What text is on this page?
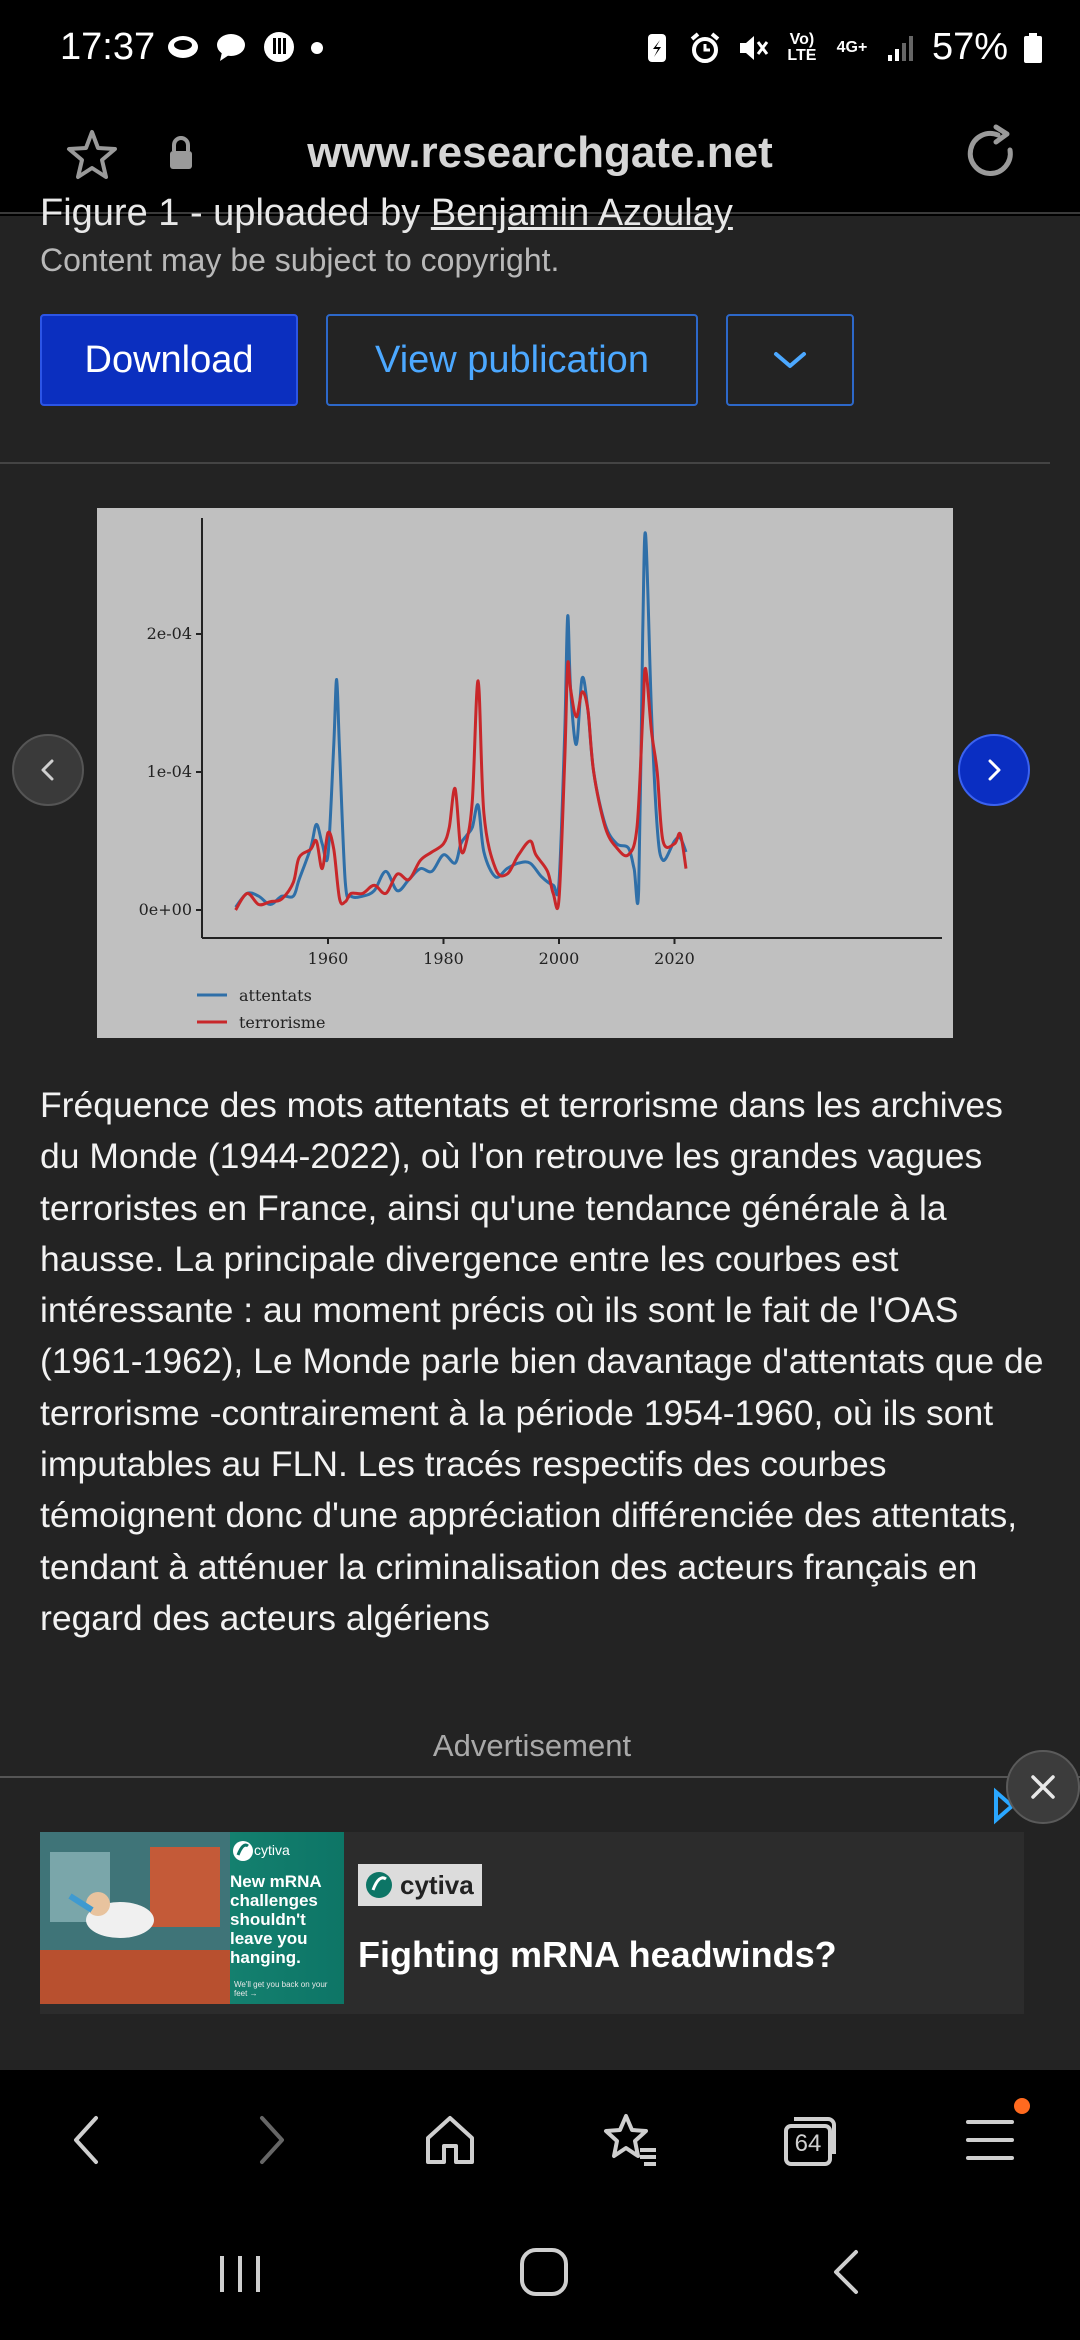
17:37	Vo) LTE 4G+ 57%
www.researchgate.net
Figure 1 - uploaded by Benjamin Azoulay
Content may be subject to copyright.
Download	View publication
0e+00
1e-04
2e-04
1960	1980	2000	2020
attentats
terrorisme
Fréquence des mots attentats et terrorisme dans les archives du Monde (1944-2022), où l'on retrouve les grandes vagues terroristes en France, ainsi qu'une tendance générale à la hausse. La principale divergence entre les courbes est intéressante : au moment précis où ils sont le fait de l'OAS (1961-1962), Le Monde parle bien davantage d'attentats que de terrorisme -contrairement à la période 1954-1960, où ils sont imputables au FLN. Les tracés respectifs des courbes témoignent donc d'une appréciation différenciée des attentats, tendant à atténuer la criminalisation des acteurs français en regard des acteurs algériens
Advertisement
cytiva
New mRNA challenges shouldn't leave you hanging.
We'll get you back on your feet →
cytiva
Fighting mRNA headwinds?
64
